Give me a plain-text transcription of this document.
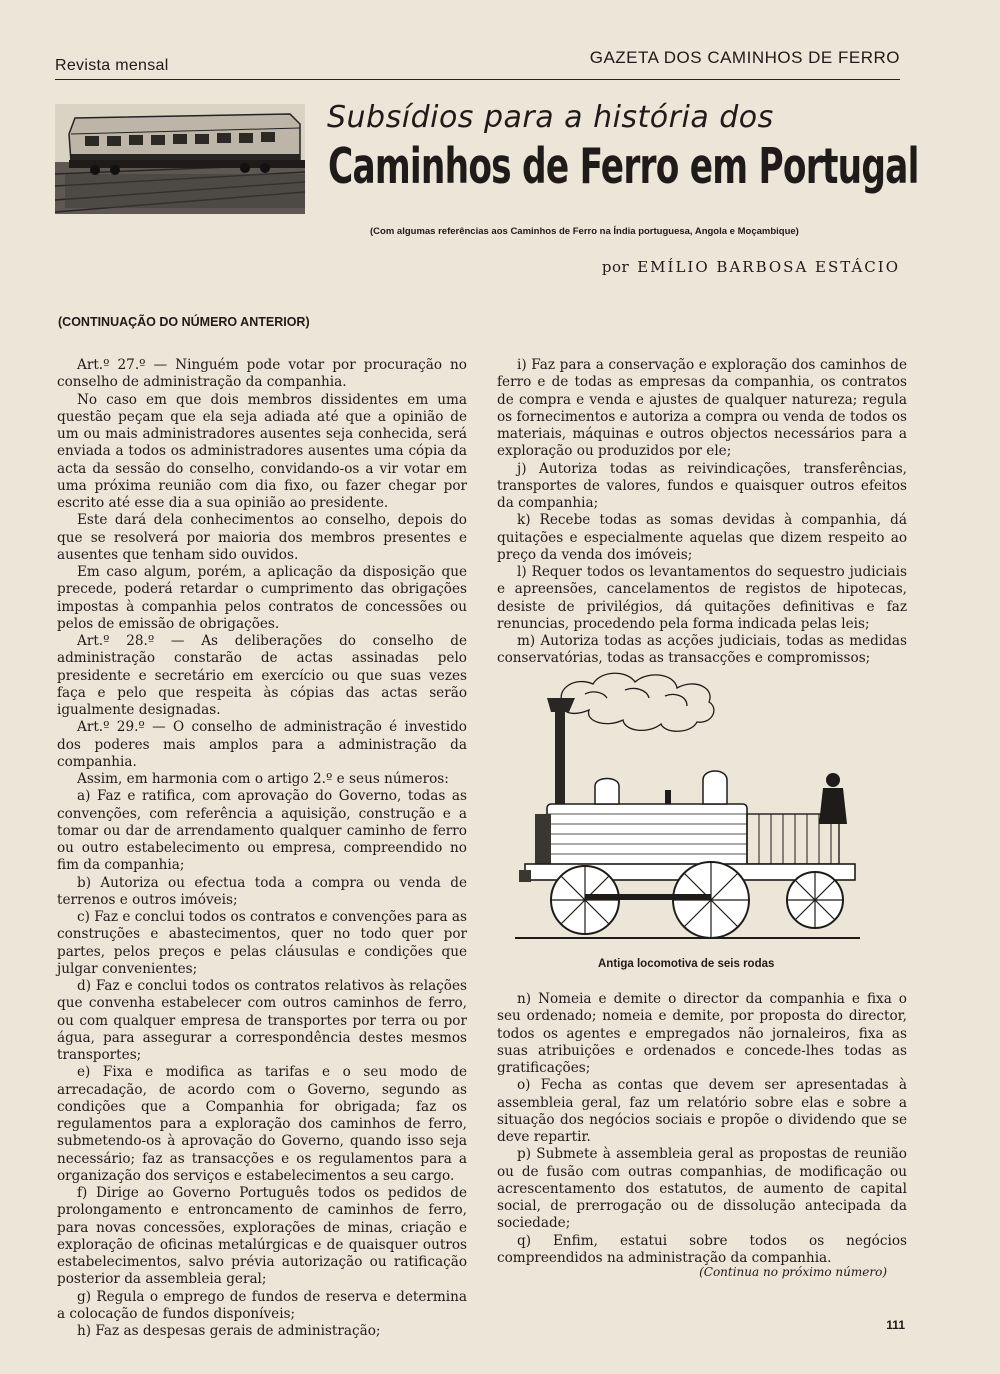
Revista mensal	GAZETA DOS CAMINHOS DE FERRO
Subsídios para a história dos
Caminhos de Ferro em Portugal
(Com algumas referências aos Caminhos de Ferro na Índia portuguesa, Angola e Moçambique)
por EMÍLIO BARBOSA ESTÁCIO
(CONTINUAÇÃO DO NÚMERO ANTERIOR)

Art.º 27.º — Ninguém pode votar por procuração no conselho de administração da companhia.

No caso em que dois membros dissidentes em uma questão peçam que ela seja adiada até que a opinião de um ou mais administradores ausentes seja conhecida, será enviada a todos os administradores ausentes uma cópia da acta da sessão do conselho, convidando-os a vir votar em uma próxima reunião com dia fixo, ou fazer chegar por escrito até esse dia a sua opinião ao presidente.

Este dará dela conhecimentos ao conselho, depois do que se resolverá por maioria dos membros presentes e ausentes que tenham sido ouvidos.

Em caso algum, porém, a aplicação da disposição que precede, poderá retardar o cumprimento das obrigações impostas à companhia pelos contratos de concessões ou pelos de emissão de obrigações.

Art.º 28.º — As deliberações do conselho de administração constarão de actas assinadas pelo presidente e secretário em exercício ou que suas vezes faça e pelo que respeita às cópias das actas serão igualmente designadas.

Art.º 29.º — O conselho de administração é investido dos poderes mais amplos para a administração da companhia.

Assim, em harmonia com o artigo 2.º e seus números:

a) Faz e ratifica, com aprovação do Governo, todas as convenções, com referência a aquisição, construção e a tomar ou dar de arrendamento qualquer caminho de ferro ou outro estabelecimento ou empresa, compreendido no fim da companhia;

b) Autoriza ou efectua toda a compra ou venda de terrenos e outros imóveis;

c) Faz e conclui todos os contratos e convenções para as construções e abastecimentos, quer no todo quer por partes, pelos preços e pelas cláusulas e condições que julgar convenientes;

d) Faz e conclui todos os contratos relativos às relações que convenha estabelecer com outros caminhos de ferro, ou com qualquer empresa de transportes por terra ou por água, para assegurar a correspondência destes mesmos transportes;

e) Fixa e modifica as tarifas e o seu modo de arrecadação, de acordo com o Governo, segundo as condições que a Companhia for obrigada; faz os regulamentos para a exploração dos caminhos de ferro, submetendo-os à aprovação do Governo, quando isso seja necessário; faz as transacções e os regulamentos para a organização dos serviços e estabelecimentos a seu cargo.

f) Dirige ao Governo Português todos os pedidos de prolongamento e entroncamento de caminhos de ferro, para novas concessões, explorações de minas, criação e exploração de oficinas metalúrgicas e de quaisquer outros estabelecimentos, salvo prévia autorização ou ratificação posterior da assembleia geral;

g) Regula o emprego de fundos de reserva e determina a colocação de fundos disponíveis;

h) Faz as despesas gerais de administração;

i) Faz para a conservação e exploração dos caminhos de ferro e de todas as empresas da companhia, os contratos de compra e venda e ajustes de qualquer natureza; regula os fornecimentos e autoriza a compra ou venda de todos os materiais, máquinas e outros objectos necessários para a exploração ou produzidos por ele;

j) Autoriza todas as reivindicações, transferências, transportes de valores, fundos e quaisquer outros efeitos da companhia;

k) Recebe todas as somas devidas à companhia, dá quitações e especialmente aquelas que dizem respeito ao preço da venda dos imóveis;

l) Requer todos os levantamentos do sequestro judiciais e apreensões, cancelamentos de registos de hipotecas, desiste de privilégios, dá quitações definitivas e faz renuncias, procedendo pela forma indicada pelas leis;

m) Autoriza todas as acções judiciais, todas as medidas conservatórias, todas as transacções e compromissos;

Antiga locomotiva de seis rodas

n) Nomeia e demite o director da companhia e fixa o seu ordenado; nomeia e demite, por proposta do director, todos os agentes e empregados não jornaleiros, fixa as suas atribuições e ordenados e concede-lhes todas as gratificações;

o) Fecha as contas que devem ser apresentadas à assembleia geral, faz um relatório sobre elas e sobre a situação dos negócios sociais e propõe o dividendo que se deve repartir.

p) Submete à assembleia geral as propostas de reunião ou de fusão com outras companhias, de modificação ou acrescentamento dos estatutos, de aumento de capital social, de prerrogação ou de dissolução antecipada da sociedade;

q) Enfim, estatui sobre todos os negócios compreendidos na administração da companhia.

(Continua no próximo número)
111
